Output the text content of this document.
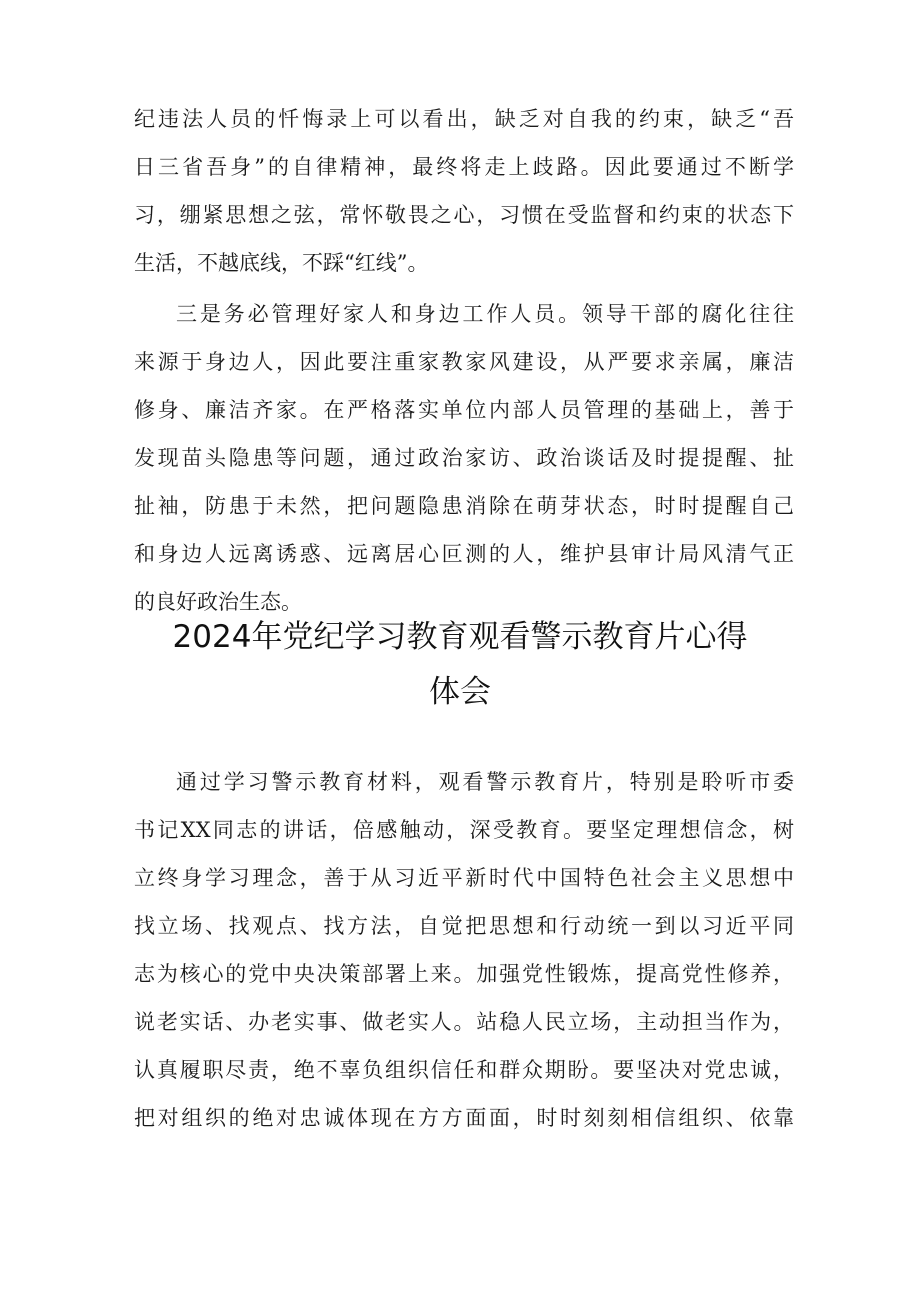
纪违法人员的忏悔录上可以看出，缺乏对自我的约束，缺乏“吾
日三省吾身”的自律精神，最终将走上歧路。因此要通过不断学
习，绷紧思想之弦，常怀敬畏之心，习惯在受监督和约束的状态下
生活，不越底线，不踩“红线”。
三是务必管理好家人和身边工作人员。领导干部的腐化往往
来源于身边人，因此要注重家教家风建设，从严要求亲属，廉洁
修身、廉洁齐家。在严格落实单位内部人员管理的基础上，善于
发现苗头隐患等问题，通过政治家访、政治谈话及时提提醒、扯
扯袖，防患于未然，把问题隐患消除在萌芽状态，时时提醒自己
和身边人远离诱惑、远离居心叵测的人，维护县审计局风清气正
的良好政治生态。
2024年党纪学习教育观看警示教育片心得
体会
通过学习警示教育材料，观看警示教育片，特别是聆听市委
书记XX同志的讲话，倍感触动，深受教育。要坚定理想信念，树
立终身学习理念，善于从习近平新时代中国特色社会主义思想中
找立场、找观点、找方法，自觉把思想和行动统一到以习近平同
志为核心的党中央决策部署上来。加强党性锻炼，提高党性修养，
说老实话、办老实事、做老实人。站稳人民立场，主动担当作为，
认真履职尽责，绝不辜负组织信任和群众期盼。要坚决对党忠诚，
把对组织的绝对忠诚体现在方方面面，时时刻刻相信组织、依靠
